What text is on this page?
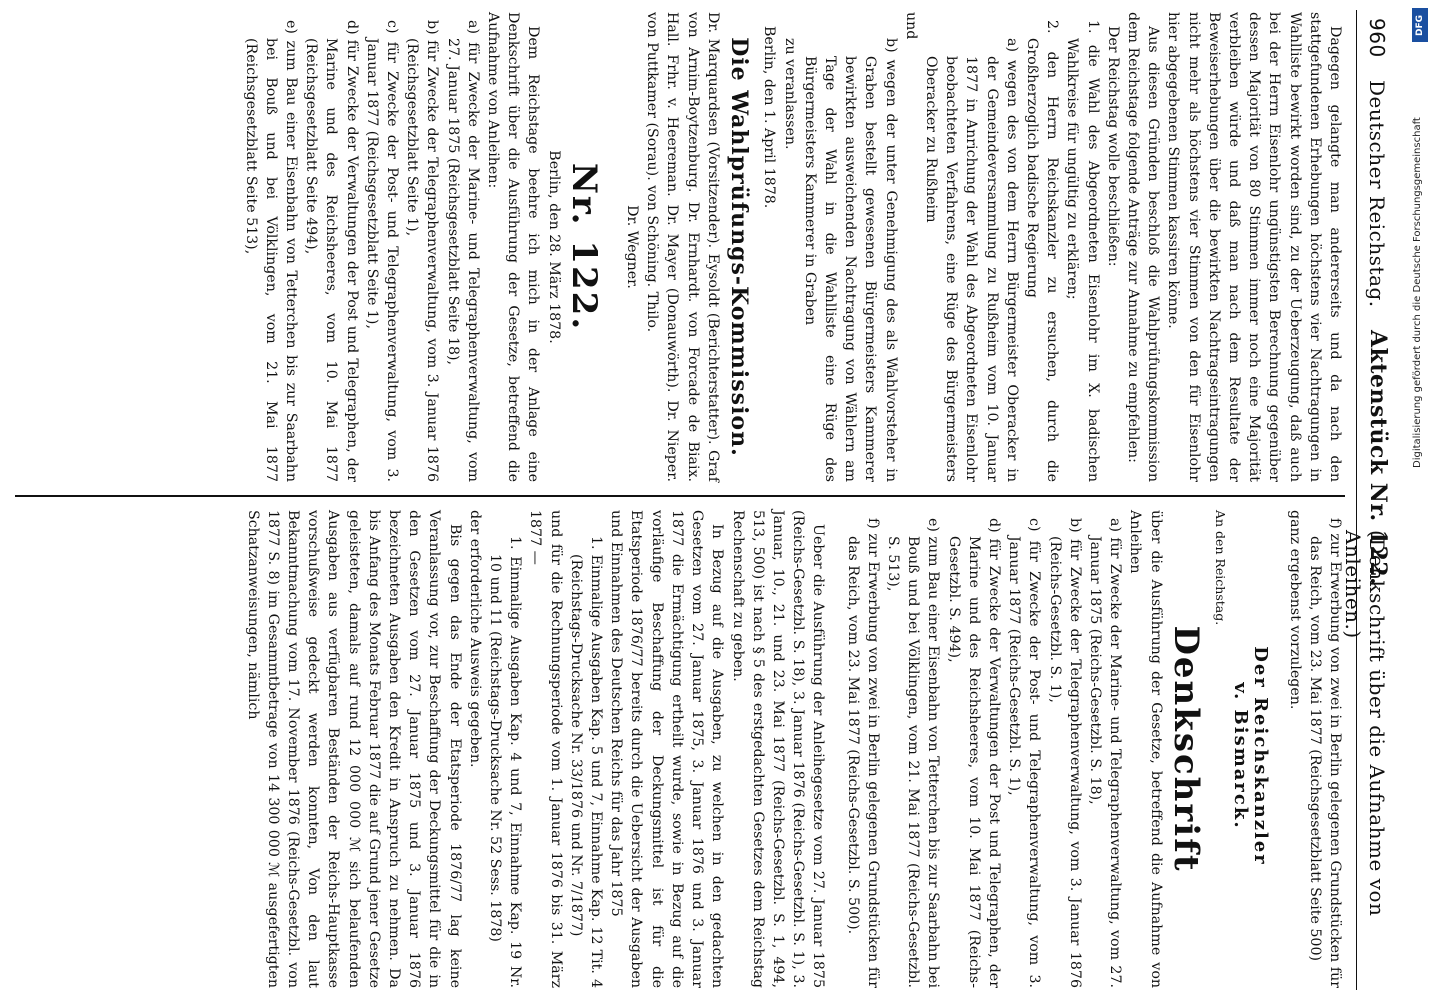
960
Deutscher Reichstag.
Aktenstück Nr. 122.
(Denkschrift über die Aufnahme von Anleihen.)

Dagegen gelangte man andererseits und da nach den stattgefundenen Erhebungen höchstens vier Nachtragungen in Wahlliste bewirkt worden sind, zu der Ueberzeugung, daß auch bei der Herrn Eisenlohr ungünstigsten Berechnung gegenüber dessen Majorität von 80 Stimmen immer noch eine Majorität verbleiben würde und daß man nach dem Resultate der Beweiserhebungen über die bewirkten Nachtragseintragungen nicht mehr als höchstens vier Stimmen von den für Eisenlohr hier abgegebenen Stimmen kassiren könne.

Aus diesen Gründen beschloß die Wahlprüfungskommission dem Reichstage folgende Anträge zur Annahme zu empfehlen:

Der Reichstag wolle beschließen:

1. die Wahl des Abgeordneten Eisenlohr im X. badischen Wahlkreise für ungültig zu erklären;

2. den Herrn Reichskanzler zu ersuchen, durch die Großherzoglich badische Regierung

a) wegen des von dem Herrn Bürgermeister Oberacker in der Gemeindeversammlung zu Rußheim vom 10. Januar 1877 in Anrichung der Wahl des Abgeordneten Eisenlohr beobachteten Verfahrens, eine Rüge des Bürgermeisters Oberacker zu Rußheim

und

b) wegen der unter Genehmigung des als Wahlvorsteher in Graben bestellt gewesenen Bürgermeisters Kammerer bewirkten ausweichenden Nachtragung von Wählern am Tage der Wahl in die Wahlliste eine Rüge des Bürgermeisters Kammerer in Graben

zu veranlassen.

Berlin, den 1. April 1878.

Die Wahlprüfungs-Kommission.

Dr. Marquardsen (Vorsitzender). Eysoldt (Berichterstatter). Graf von Arnim-Boytzenburg. Dr. Ernhardt. von Forcade de Biaix. Hall. Frhr. v. Heereman. Dr. Mayer (Donauwörth). Dr. Nieper. von Puttkamer (Sorau). von Schöning. Thilo.

Dr. Wegner.

Nr. 122.

Berlin, den 28. März 1878.

Dem Reichstage beehre ich mich in der Anlage eine Denkschrift über die Ausführung der Gesetze, betreffend die Aufnahme von Anleihen:

a) für Zwecke der Marine- und Telegraphenverwaltung, vom 27. Januar 1875 (Reichsgesetzblatt Seite 18),

b) für Zwecke der Telegraphenverwaltung, vom 3. Januar 1876 (Reichsgesetzblatt Seite 1),

c) für Zwecke der Post- und Telegraphenverwaltung, vom 3. Januar 1877 (Reichsgesetzblatt Seite 1),

d) für Zwecke der Verwaltungen der Post und Telegraphen, der Marine und des Reichsheeres, vom 10. Mai 1877 (Reichsgesetzblatt Seite 494),

e) zum Bau einer Eisenbahn von Tetterchen bis zur Saarbahn bei Bouß und bei Völklingen, vom 21. Mai 1877 (Reichsgesetzblatt Seite 513),

f) zur Erwerbung von zwei in Berlin gelegenen Grundstücken für das Reich, vom 23. Mai 1877 (Reichsgesetzblatt Seite 500)

ganz ergebenst vorzulegen.

Der Reichskanzler

v. Bismarck.

An den Reichstag.

Denkschrift

über die Ausführung der Gesetze, betreffend die Aufnahme von Anleihen

a) für Zwecke der Marine- und Telegraphenverwaltung, vom 27. Januar 1875 (Reichs-Gesetzbl. S. 18),

b) für Zwecke der Telegraphenverwaltung, vom 3. Januar 1876 (Reichs-Gesetzbl. S. 1),

c) für Zwecke der Post- und Telegraphenverwaltung, vom 3. Januar 1877 (Reichs-Gesetzbl. S. 1),

d) für Zwecke der Verwaltungen der Post und Telegraphen, der Marine und des Reichsheeres, vom 10. Mai 1877 (Reichs-Gesetzbl. S. 494),

e) zum Bau einer Eisenbahn von Tetterchen bis zur Saarbahn bei Bouß und bei Völklingen, vom 21. Mai 1877 (Reichs-Gesetzbl. S. 513),

f) zur Erwerbung von zwei in Berlin gelegenen Grundstücken für das Reich, vom 23. Mai 1877 (Reichs-Gesetzbl. S. 500).

Ueber die Ausführung der Anleihegesetze vom 27. Januar 1875 (Reichs-Gesetzbl. S. 18), 3. Januar 1876 (Reichs-Gesetzbl. S. 1), 3. Januar, 10., 21. und 23. Mai 1877 (Reichs-Gesetzbl. S. 1, 494, 513, 500) ist nach § 5 des erstgedachten Gesetzes dem Reichstag Rechenschaft zu geben.

In Bezug auf die Ausgaben, zu welchen in den gedachten Gesetzen vom 27. Januar 1875, 3. Januar 1876 und 3. Januar 1877 die Ermächtigung ertheilt wurde, sowie in Bezug auf die vorläufige Beschaffung der Deckungsmittel ist für die Etatsperiode 1876/77 bereits durch die Uebersicht der Ausgaben und Einnahmen des Deutschen Reichs für das Jahr 1875

1. Einmalige Ausgaben Kap. 5 und 7, Einnahme Kap. 12 Tit. 4 (Reichstags-Drucksache Nr. 33/1876 und Nr. 7/1877)

und für die Rechnungsperiode vom 1. Januar 1876 bis 31. März 1877 —

1. Einmalige Ausgaben Kap. 4 und 7, Einnahme Kap. 19 Nr. 10 und 11 (Reichstags-Drucksache Nr. 52 Sess. 1878)

der erforderliche Ausweis gegeben.

Bis gegen das Ende der Etatsperiode 1876/77 lag keine Veranlassung vor, zur Beschaffung der Deckungsmittel für die in den Gesetzen vom 27. Januar 1875 und 3. Januar 1876 bezeichneten Ausgaben den Kredit in Anspruch zu nehmen. Da bis Anfang des Monats Februar 1877 die auf Grund jener Gesetze geleisteten, damals auf rund 12 000 000 ℳ sich belaufenden Ausgaben aus verfügbaren Beständen der Reichs-Hauptkasse vorschußweise gedeckt werden konnten, Von den laut Bekanntmachung vom 17. November 1876 (Reichs-Gesetzbl. von 1877 S. 8) im Gesammtbetrage von 14 300 000 ℳ ausgefertigten Schatzanweisungen, nämlich

DFG
Digitalisierung gefördert durch die Deutsche Forschungsgemeinschaft
